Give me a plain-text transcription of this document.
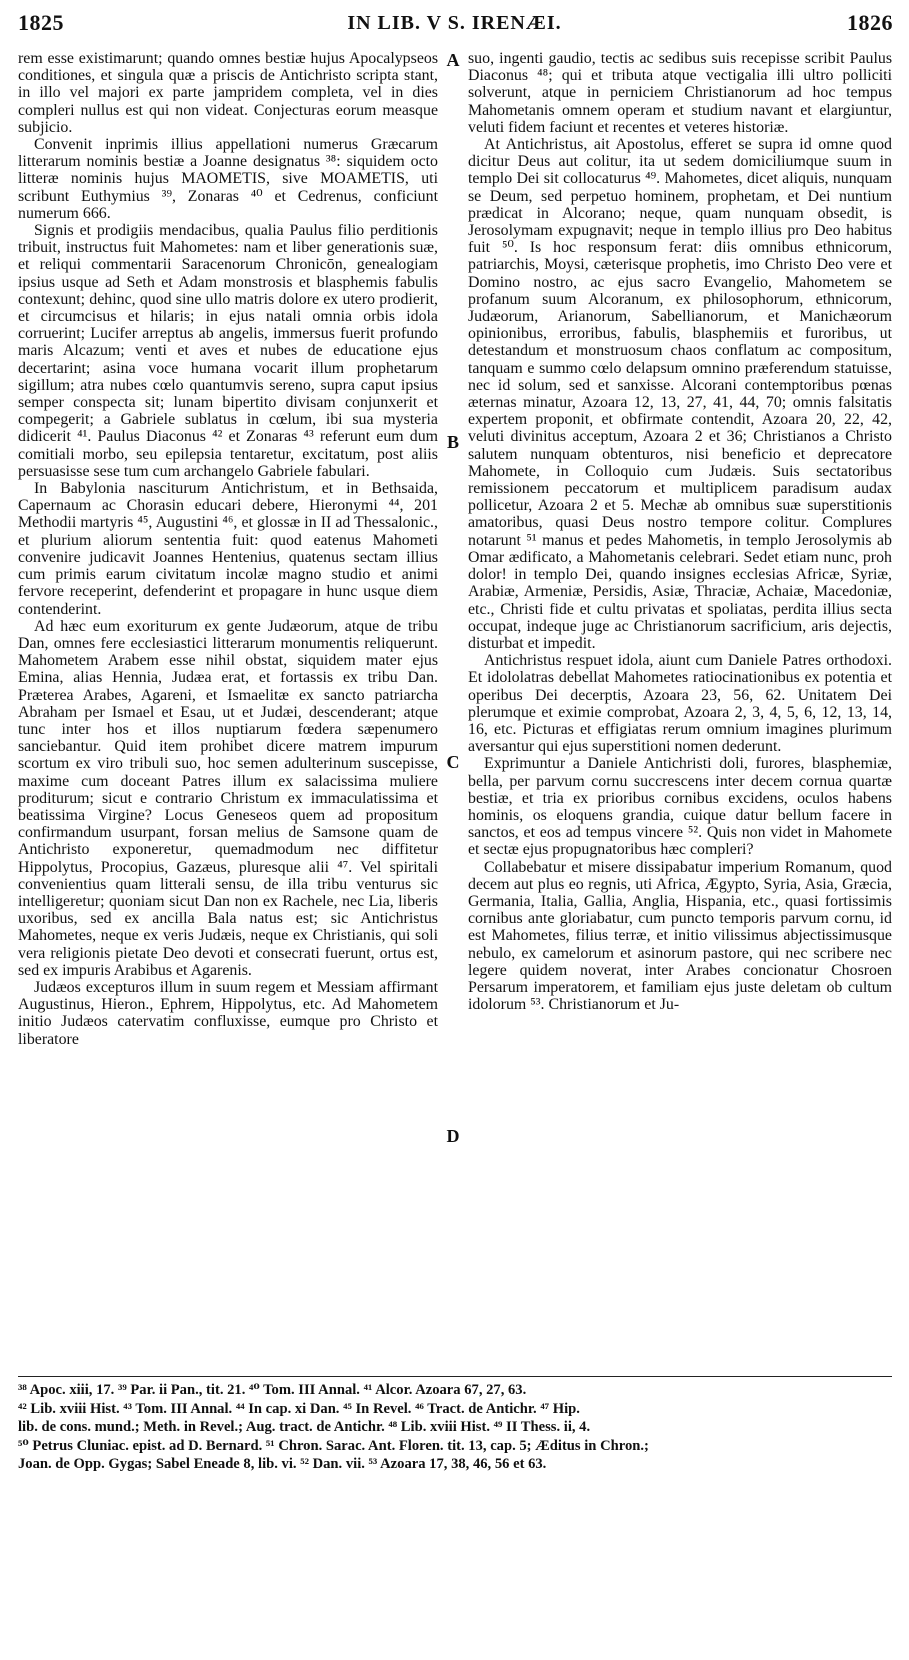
1825	IN LIB. V S. IRENÆI.	1826

rem esse existimarunt; quando omnes bestiæ hujus Apocalypseos conditiones, et singula quæ a priscis de Antichristo scripta stant, in illo vel majori ex parte jampridem completa, vel in dies compleri nullus est qui non videat. Conjecturas eorum measque subjicio.

Convenit inprimis illius appellationi numerus Græcarum litterarum nominis bestiæ a Joanne designatus ³⁸: siquidem octo litteræ nominis hujus MAOMETIS, sive MOAMETIS, uti scribunt Euthymius ³⁹, Zonaras ⁴⁰ et Cedrenus, conficiunt numerum 666.

Signis et prodigiis mendacibus, qualia Paulus filio perditionis tribuit, instructus fuit Mahometes: nam et liber generationis suæ, et reliqui commentarii Saracenorum Chronicōn, genealogiam ipsius usque ad Seth et Adam monstrosis et blasphemis fabulis contexunt; dehinc, quod sine ullo matris dolore ex utero prodierit, et circumcisus et hilaris; in ejus natali omnia orbis idola corruerint; Lucifer arreptus ab angelis, immersus fuerit profundo maris Alcazum; venti et aves et nubes de educatione ejus decertarint; asina voce humana vocarit illum prophetarum sigillum; atra nubes cœlo quantumvis sereno, supra caput ipsius semper conspecta sit; lunam bipertito divisam conjunxerit et compegerit; a Gabriele sublatus in cœlum, ibi sua mysteria didicerit ⁴¹. Paulus Diaconus ⁴² et Zonaras ⁴³ referunt eum dum comitiali morbo, seu epilepsia tentaretur, excitatum, post aliis persuasisse sese tum cum archangelo Gabriele fabulari.

In Babylonia nasciturum Antichristum, et in Bethsaida, Capernaum ac Chorasin educari debere, Hieronymi ⁴⁴, 201 Methodii martyris ⁴⁵, Augustini ⁴⁶, et glossæ in II ad Thessalonic., et plurium aliorum sententia fuit: quod eatenus Mahometi convenire judicavit Joannes Hentenius, quatenus sectam illius cum primis earum civitatum incolæ magno studio et animi fervore receperint, defenderint et propagare in hunc usque diem contenderint.

Ad hæc eum exoriturum ex gente Judæorum, atque de tribu Dan, omnes fere ecclesiastici litterarum monumentis reliquerunt. Mahometem Arabem esse nihil obstat, siquidem mater ejus Emina, alias Hennia, Judæa erat, et fortassis ex tribu Dan. Præterea Arabes, Agareni, et Ismaelitæ ex sancto patriarcha Abraham per Ismael et Esau, ut et Judæi, descenderant; atque tunc inter hos et illos nuptiarum fœdera sæpenumero sanciebantur. Quid item prohibet dicere matrem impurum scortum ex viro tribuli suo, hoc semen adulterinum suscepisse, maxime cum doceant Patres illum ex salacissima muliere proditurum; sicut e contrario Christum ex immaculatissima et beatissima Virgine? Locus Geneseos quem ad propositum confirmandum usurpant, forsan melius de Samsone quam de Antichristo exponeretur, quemadmodum nec diffitetur Hippolytus, Procopius, Gazæus, pluresque alii ⁴⁷. Vel spiritali convenientius quam litterali sensu, de illa tribu venturus sic intelligeretur; quoniam sicut Dan non ex Rachele, nec Lia, liberis uxoribus, sed ex ancilla Bala natus est; sic Antichristus Mahometes, neque ex veris Judæis, neque ex Christianis, qui soli vera religionis pietate Deo devoti et consecrati fuerunt, ortus est, sed ex impuris Arabibus et Agarenis.

Judæos excepturos illum in suum regem et Messiam affirmant Augustinus, Hieron., Ephrem, Hippolytus, etc. Ad Mahometem initio Judæos catervatim confluxisse, eumque pro Christo et liberatore

A
B
C
D

suo, ingenti gaudio, tectis ac sedibus suis recepisse scribit Paulus Diaconus ⁴⁸; qui et tributa atque vectigalia illi ultro polliciti solverunt, atque in perniciem Christianorum ad hoc tempus Mahometanis omnem operam et studium navant et elargiuntur, veluti fidem faciunt et recentes et veteres historiæ.

At Antichristus, ait Apostolus, efferet se supra id omne quod dicitur Deus aut colitur, ita ut sedem domiciliumque suum in templo Dei sit collocaturus ⁴⁹. Mahometes, dicet aliquis, nunquam se Deum, sed perpetuo hominem, prophetam, et Dei nuntium prædicat in Alcorano; neque, quam nunquam obsedit, is Jerosolymam expugnavit; neque in templo illius pro Deo habitus fuit ⁵⁰. Is hoc responsum ferat: diis omnibus ethnicorum, patriarchis, Moysi, cæterisque prophetis, imo Christo Deo vere et Domino nostro, ac ejus sacro Evangelio, Mahometem se profanum suum Alcoranum, ex philosophorum, ethnicorum, Judæorum, Arianorum, Sabellianorum, et Manichæorum opinionibus, erroribus, fabulis, blasphemiis et furoribus, ut detestandum et monstruosum chaos conflatum ac compositum, tanquam e summo cœlo delapsum omnino præferendum statuisse, nec id solum, sed et sanxisse. Alcorani contemptoribus pœnas æternas minatur, Azoara 12, 13, 27, 41, 44, 70; omnis falsitatis expertem proponit, et obfirmate contendit, Azoara 20, 22, 42, veluti divinitus acceptum, Azoara 2 et 36; Christianos a Christo salutem nunquam obtenturos, nisi beneficio et deprecatore Mahomete, in Colloquio cum Judæis. Suis sectatoribus remissionem peccatorum et multiplicem paradisum audax pollicetur, Azoara 2 et 5. Mechæ ab omnibus suæ superstitionis amatoribus, quasi Deus nostro tempore colitur. Complures notarunt ⁵¹ manus et pedes Mahometis, in templo Jerosolymis ab Omar ædificato, a Mahometanis celebrari. Sedet etiam nunc, proh dolor! in templo Dei, quando insignes ecclesias Africæ, Syriæ, Arabiæ, Armeniæ, Persidis, Asiæ, Thraciæ, Achaiæ, Macedoniæ, etc., Christi fide et cultu privatas et spoliatas, perdita illius secta occupat, indeque juge ac Christianorum sacrificium, aris dejectis, disturbat et impedit.

Antichristus respuet idola, aiunt cum Daniele Patres orthodoxi. Et idololatras debellat Mahometes ratiocinationibus ex potentia et operibus Dei decerptis, Azoara 23, 56, 62. Unitatem Dei plerumque et eximie comprobat, Azoara 2, 3, 4, 5, 6, 12, 13, 14, 16, etc. Picturas et effigiatas rerum omnium imagines plurimum aversantur qui ejus superstitioni nomen dederunt.

Exprimuntur a Daniele Antichristi doli, furores, blasphemiæ, bella, per parvum cornu succrescens inter decem cornua quartæ bestiæ, et tria ex prioribus cornibus excidens, oculos habens hominis, os eloquens grandia, cuique datur bellum facere in sanctos, et eos ad tempus vincere ⁵². Quis non videt in Mahomete et sectæ ejus propugnatoribus hæc compleri?

Collabebatur et misere dissipabatur imperium Romanum, quod decem aut plus eo regnis, uti Africa, Ægypto, Syria, Asia, Græcia, Germania, Italia, Gallia, Anglia, Hispania, etc., quasi fortissimis cornibus ante gloriabatur, cum puncto temporis parvum cornu, id est Mahometes, filius terræ, et initio vilissimus abjectissimusque nebulo, ex camelorum et asinorum pastore, qui nec scribere nec legere quidem noverat, inter Arabes concionatur Chosroen Persarum imperatorem, et familiam ejus juste deletam ob cultum idolorum ⁵³. Christianorum et Ju-

³⁸ Apoc. xiii, 17. ³⁹ Par. ii Pan., tit. 21. ⁴⁰ Tom. III Annal. ⁴¹ Alcor. Azoara 67, 27, 63.
⁴² Lib. xviii Hist. ⁴³ Tom. III Annal. ⁴⁴ In cap. xi Dan. ⁴⁵ In Revel. ⁴⁶ Tract. de Antichr. ⁴⁷ Hip.
lib. de cons. mund.; Meth. in Revel.; Aug. tract. de Antichr. ⁴⁸ Lib. xviii Hist. ⁴⁹ II Thess. ii, 4.
⁵⁰ Petrus Cluniac. epist. ad D. Bernard. ⁵¹ Chron. Sarac. Ant. Floren. tit. 13, cap. 5; Æditus in Chron.;
Joan. de Opp. Gygas; Sabel Eneade 8, lib. vi. ⁵² Dan. vii. ⁵³ Azoara 17, 38, 46, 56 et 63.
